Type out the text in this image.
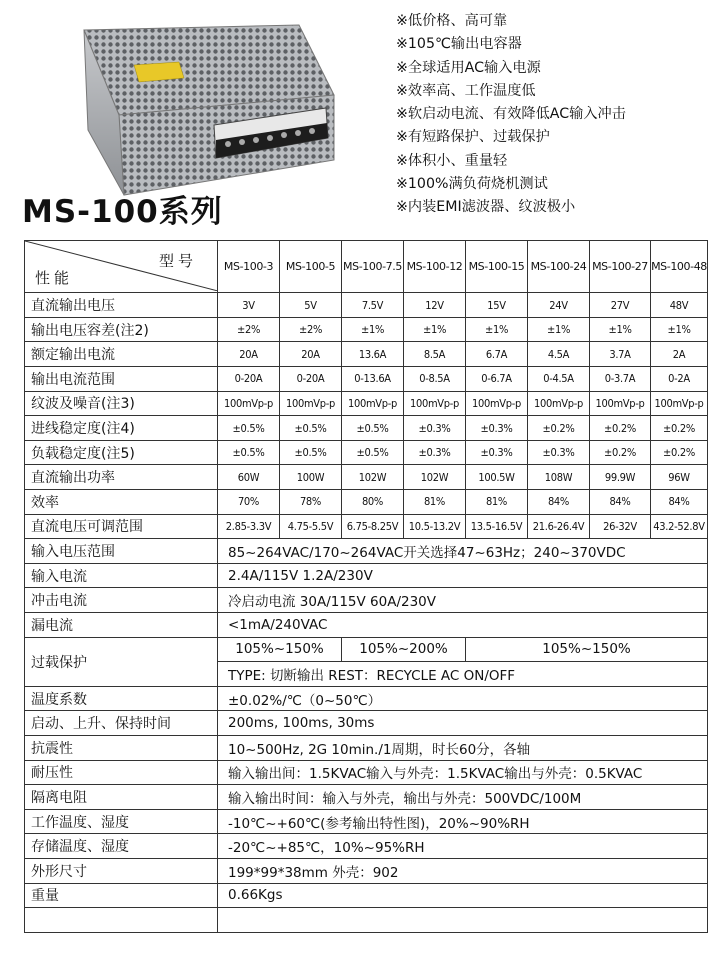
MS-100系列
※低价格、高可靠
※105℃输出电容器
※全球适用AC输入电源
※效率高、工作温度低
※软启动电流、有效降低AC输入冲击
※有短路保护、过载保护
※体积小、重量轻
※100%满负荷烧机测试
※内装EMI滤波器、纹波极小
型号
性能	MS-100-3	MS-100-5	MS-100-7.5	MS-100-12	MS-100-15	MS-100-24	MS-100-27	MS-100-48
直流输出电压	3V	5V	7.5V	12V	15V	24V	27V	48V
输出电压容差(注2)	±2%	±2%	±1%	±1%	±1%	±1%	±1%	±1%
额定输出电流	20A	20A	13.6A	8.5A	6.7A	4.5A	3.7A	2A
输出电流范围	0-20A	0-20A	0-13.6A	0-8.5A	0-6.7A	0-4.5A	0-3.7A	0-2A
纹波及噪音(注3)	100mVp-p	100mVp-p	100mVp-p	100mVp-p	100mVp-p	100mVp-p	100mVp-p	100mVp-p
进线稳定度(注4)	±0.5%	±0.5%	±0.5%	±0.3%	±0.3%	±0.2%	±0.2%	±0.2%
负载稳定度(注5)	±0.5%	±0.5%	±0.5%	±0.3%	±0.3%	±0.3%	±0.2%	±0.2%
直流输出功率	60W	100W	102W	102W	100.5W	108W	99.9W	96W
效率	70%	78%	80%	81%	81%	84%	84%	84%
直流电压可调范围	2.85-3.3V	4.75-5.5V	6.75-8.25V	10.5-13.2V	13.5-16.5V	21.6-26.4V	26-32V	43.2-52.8V
输入电压范围	85~264VAC/170~264VAC开关选择47~63Hz；240~370VDC							
输入电流	2.4A/115V 1.2A/230V							
冲击电流	冷启动电流 30A/115V 60A/230V							
漏电流	<1mA/240VAC							
过载保护	105%~150%		105%~200%		105%~150%			
	TYPE: 切断输出 REST：RECYCLE AC ON/OFF							
温度系数	±0.02%/℃（0~50℃）							
启动、上升、保持时间	200ms, 100ms, 30ms							
抗震性	10~500Hz, 2G 10min./1周期，时长60分，各轴							
耐压性	输入输出间：1.5KVAC输入与外壳：1.5KVAC输出与外壳：0.5KVAC							
隔离电阻	输入输出时间：输入与外壳，输出与外壳：500VDC/100M							
工作温度、湿度	-10℃~+60℃(参考输出特性图)，20%~90%RH							
存储温度、湿度	-20℃~+85℃，10%~95%RH							
外形尺寸	199*99*38mm 外壳：902							
重量	0.66Kgs							
